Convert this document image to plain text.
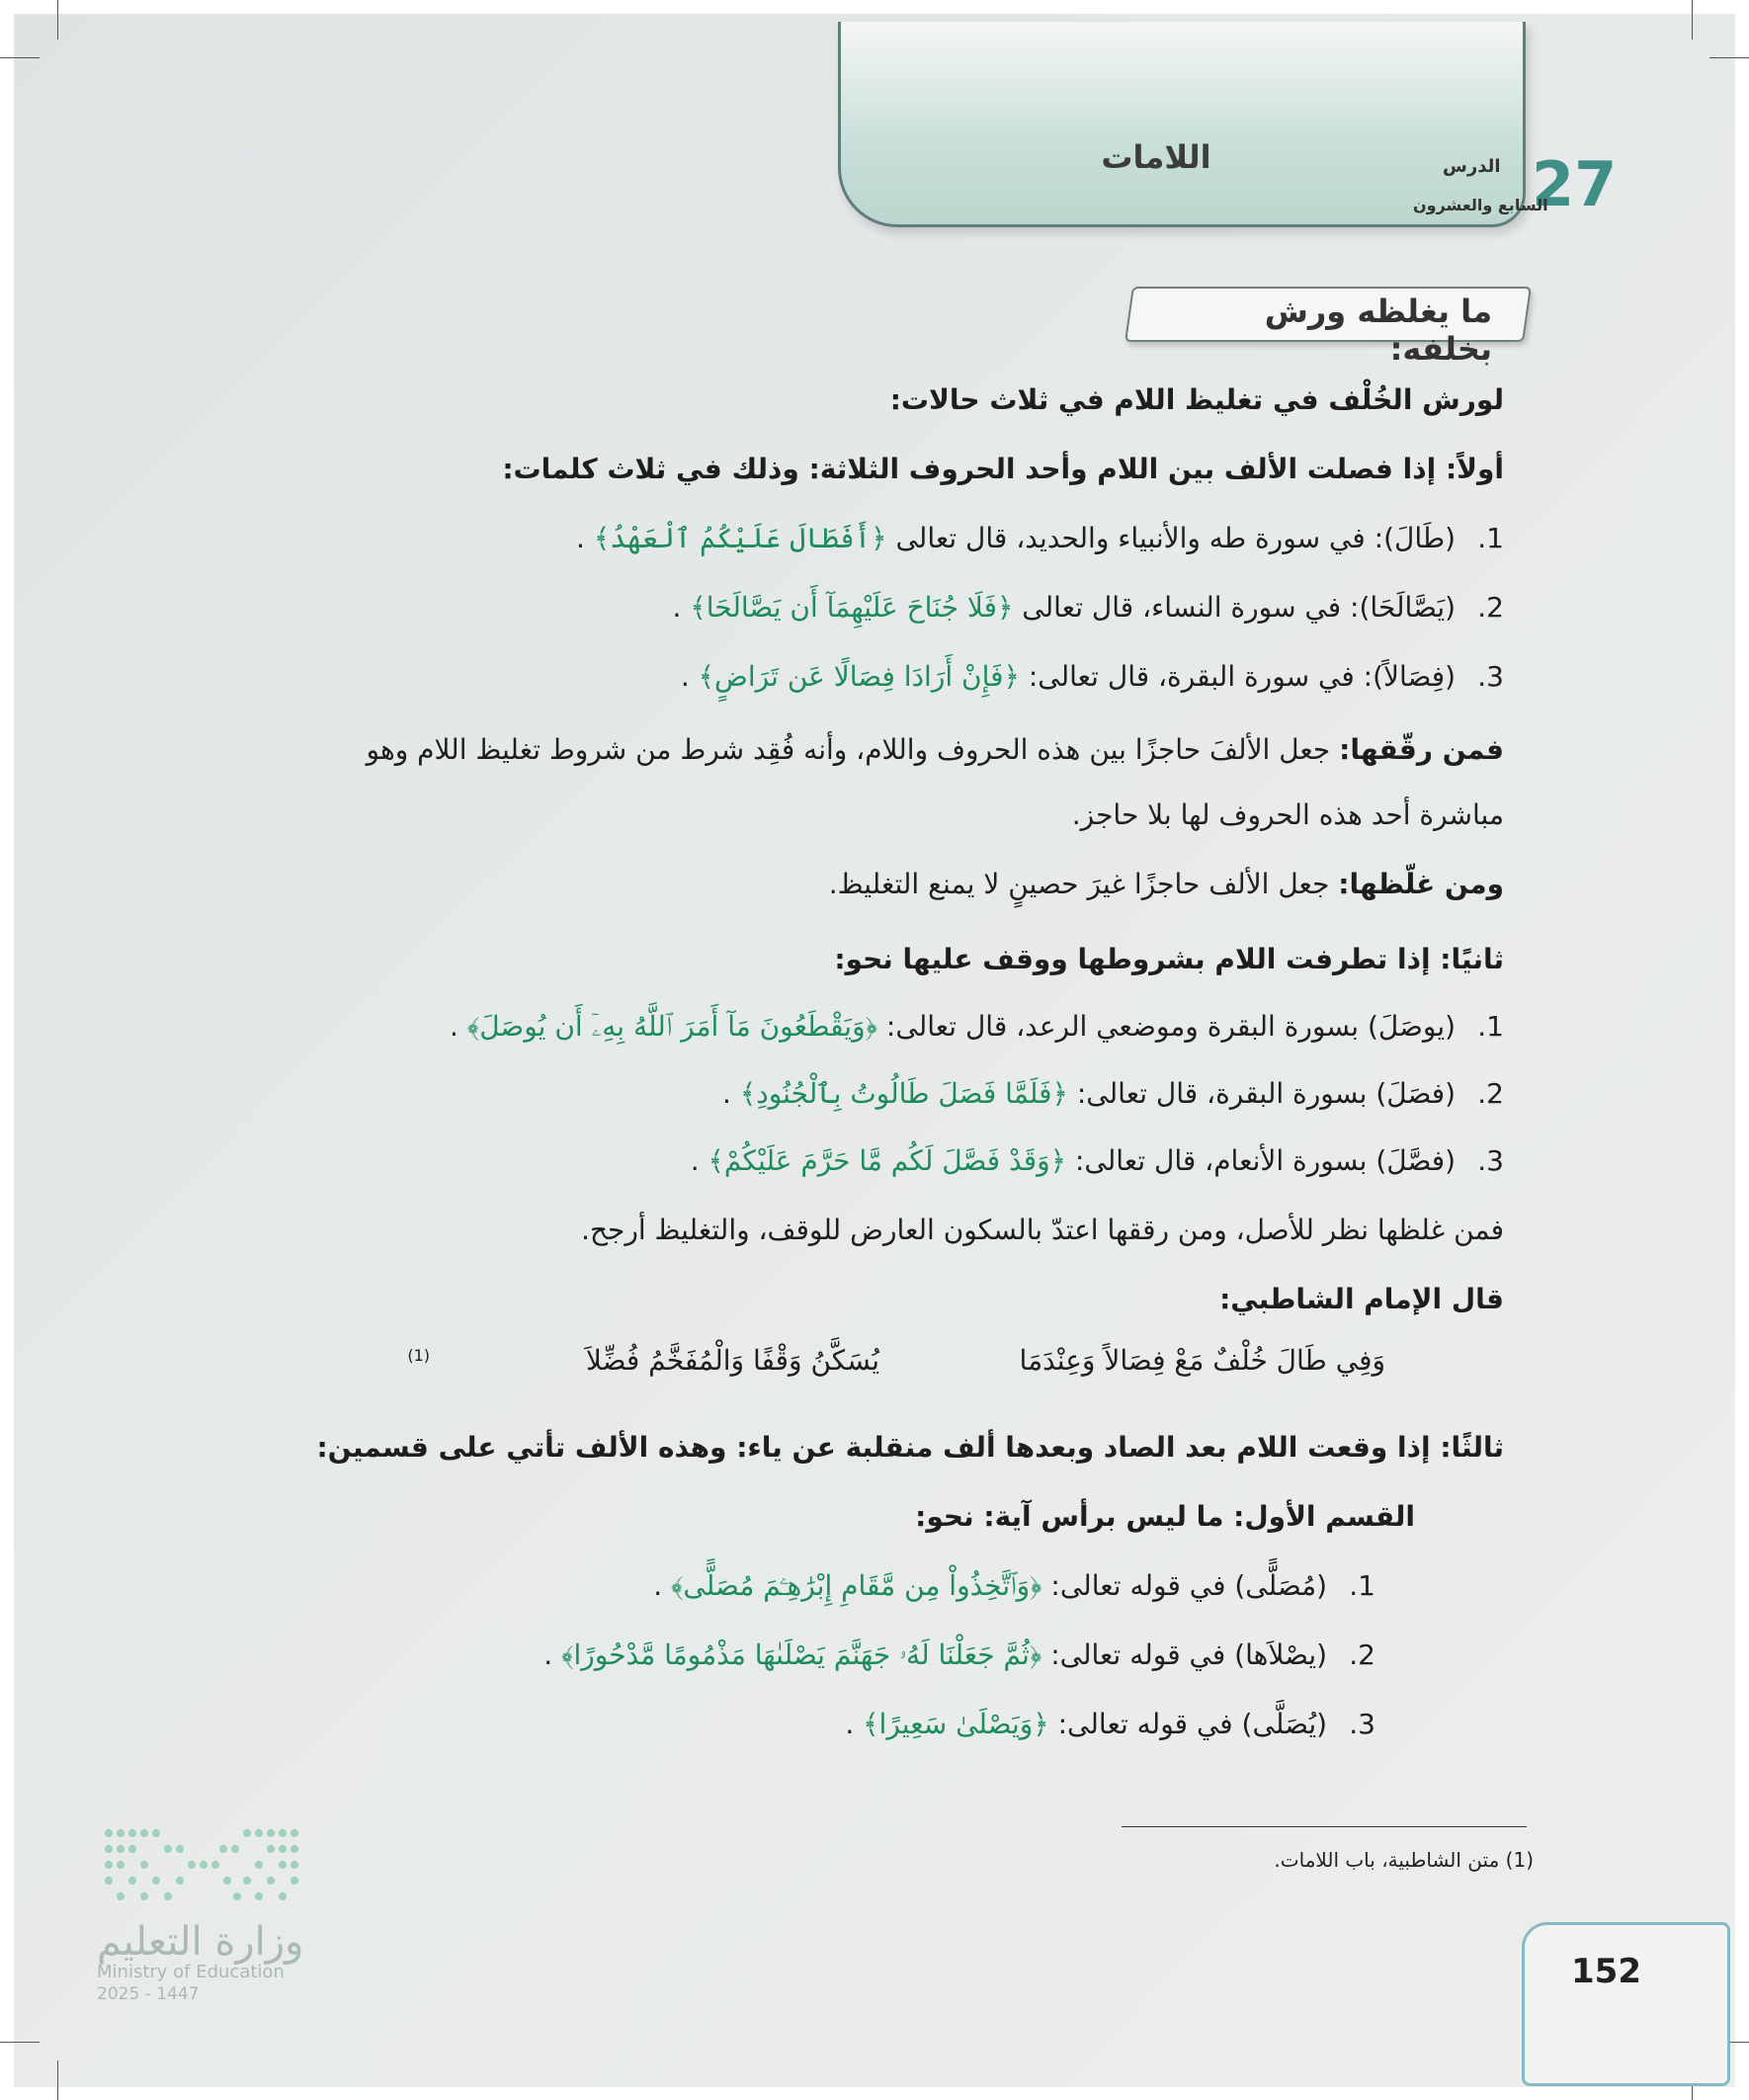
اللامات	27
الدرس
السابع والعشرون
ما يغلظه ورش بخلفه:
لورش الخُلْف في تغليظ اللام في ثلاث حالات:
أولاً: إذا فصلت الألف بين اللام وأحد الحروف الثلاثة: وذلك في ثلاث كلمات:
1. (طَالَ): في سورة طه والأنبياء والحديد، قال تعالى ﴿أَفَطَالَ عَلَيْكُمُ ٱلْعَهْدُ﴾ .
2. (يَصَّالَحَا): في سورة النساء، قال تعالى ﴿فَلَا جُنَاحَ عَلَيْهِمَآ أَن يَصَّالَحَا﴾ .
3. (فِصَالاً): في سورة البقرة، قال تعالى: ﴿فَإِنْ أَرَادَا فِصَالًا عَن تَرَاضٍ﴾ .
فمن رقّقها: جعل الألفَ حاجزًا بين هذه الحروف واللام، وأنه فُقِد شرط من شروط تغليظ اللام وهو
مباشرة أحد هذه الحروف لها بلا حاجز.
ومن غلّظها: جعل الألف حاجزًا غيرَ حصينٍ لا يمنع التغليظ.
ثانيًا: إذا تطرفت اللام بشروطها ووقف عليها نحو:
1. (يوصَلَ) بسورة البقرة وموضعي الرعد، قال تعالى: ﴿وَيَقْطَعُونَ مَآ أَمَرَ ٱللَّهُ بِهِۦٓ أَن يُوصَلَ﴾ .
2. (فصَلَ) بسورة البقرة، قال تعالى: ﴿فَلَمَّا فَصَلَ طَالُوتُ بِٱلْجُنُودِ﴾ .
3. (فصَّلَ) بسورة الأنعام، قال تعالى: ﴿وَقَدْ فَصَّلَ لَكُم مَّا حَرَّمَ عَلَيْكُمْ﴾ .
فمن غلظها نظر للأصل، ومن رققها اعتدّ بالسكون العارض للوقف، والتغليظ أرجح.
قال الإمام الشاطبي:
وَفِي طَالَ خُلْفٌ مَعْ فِصَالاً وَعِنْدَمَا
يُسَكَّنُ وَقْفًا وَالْمُفَخَّمُ فُضِّلاَ
(1)
ثالثًا: إذا وقعت اللام بعد الصاد وبعدها ألف منقلبة عن ياء: وهذه الألف تأتي على قسمين:
القسم الأول: ما ليس برأس آية: نحو:
1. (مُصَلًّى) في قوله تعالى: ﴿وَٱتَّخِذُواْ مِن مَّقَامِ إِبْرَٰهِـۧمَ مُصَلًّى﴾ .
2. (يصْلاَها) في قوله تعالى: ﴿ثُمَّ جَعَلْنَا لَهُۥ جَهَنَّمَ يَصْلَىٰهَا مَذْمُومًا مَّدْحُورًا﴾ .
3. (يُصَلَّى) في قوله تعالى: ﴿وَيَصْلَىٰ سَعِيرًا﴾ .
(1) متن الشاطبية، باب اللامات.
وزارة التعليم
Ministry of Education
2025 - 1447
152
